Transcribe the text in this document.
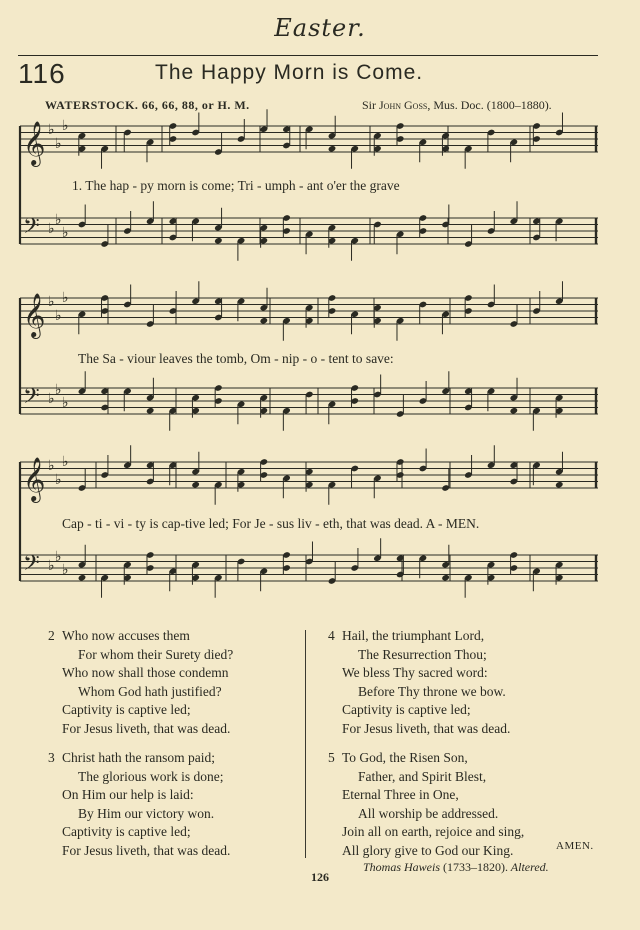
Easter.
116	The Happy Morn is Come.
WATERSTOCK. 66, 66, 88, or H. M.	Sir John Goss, Mus. Doc. (1800–1880).
𝄞 ♭
♭
♭
𝄢 ♭
♭
♭
𝄞 ♭
♭
♭
𝄢 ♭
♭
♭
𝄞 ♭
♭
♭
𝄢 ♭
♭
♭
1. The hap - py morn is come; Tri - umph - ant o'er the grave
The Sa - viour leaves the tomb, Om - nip - o - tent to save:
Cap - ti - vi - ty is cap-tive led; For Je - sus liv - eth, that was dead. A - MEN.
2 Who now accuses them
For whom their Surety died?
Who now shall those condemn
Whom God hath justified?
Captivity is captive led;
For Jesus liveth, that was dead.
3 Christ hath the ransom paid;
The glorious work is done;
On Him our help is laid:
By Him our victory won.
Captivity is captive led;
For Jesus liveth, that was dead.
4 Hail, the triumphant Lord,
The Resurrection Thou;
We bless Thy sacred word:
Before Thy throne we bow.
Captivity is captive led;
For Jesus liveth, that was dead.
5 To God, the Risen Son,
Father, and Spirit Blest,
Eternal Three in One,
All worship be addressed.
Join all on earth, rejoice and sing,
All glory give to God our King.	AMEN.
Thomas Haweis (1733–1820). Altered.
126
